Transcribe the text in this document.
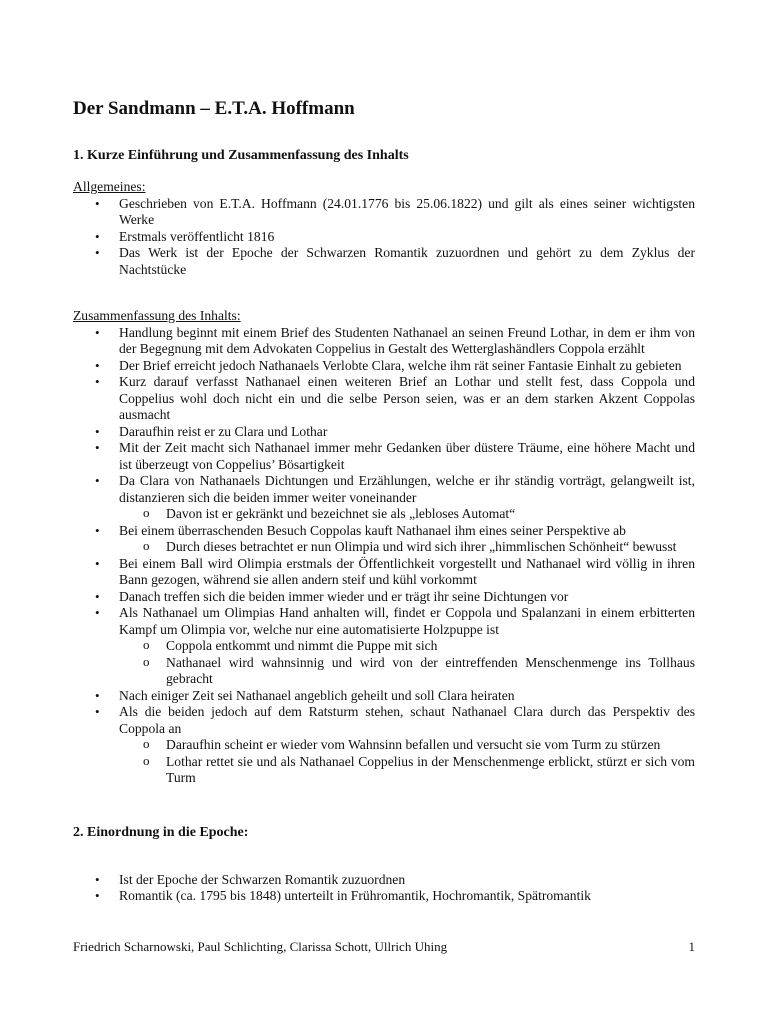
Der Sandmann – E.T.A. Hoffmann
1. Kurze Einführung und Zusammenfassung des Inhalts
Allgemeines:
• Geschrieben von E.T.A. Hoffmann (24.01.1776 bis 25.06.1822) und gilt als eines seiner wichtigsten Werke
• Erstmals veröffentlicht 1816
• Das Werk ist der Epoche der Schwarzen Romantik zuzuordnen und gehört zu dem Zyklus der Nachtstücke
Zusammenfassung des Inhalts:
• Handlung beginnt mit einem Brief des Studenten Nathanael an seinen Freund Lothar, in dem er ihm von der Begegnung mit dem Advokaten Coppelius in Gestalt des Wetterglashändlers Coppola erzählt
• Der Brief erreicht jedoch Nathanaels Verlobte Clara, welche ihm rät seiner Fantasie Einhalt zu gebieten
• Kurz darauf verfasst Nathanael einen weiteren Brief an Lothar und stellt fest, dass Coppola und Coppelius wohl doch nicht ein und die selbe Person seien, was er an dem starken Akzent Coppolas ausmacht
• Daraufhin reist er zu Clara und Lothar
• Mit der Zeit macht sich Nathanael immer mehr Gedanken über düstere Träume, eine höhere Macht und ist überzeugt von Coppelius’ Bösartigkeit
• Da Clara von Nathanaels Dichtungen und Erzählungen, welche er ihr ständig vorträgt, gelangweilt ist, distanzieren sich die beiden immer weiter voneinander
o Davon ist er gekränkt und bezeichnet sie als „lebloses Automat“
• Bei einem überraschenden Besuch Coppolas kauft Nathanael ihm eines seiner Perspektive ab
o Durch dieses betrachtet er nun Olimpia und wird sich ihrer „himmlischen Schönheit“ bewusst
• Bei einem Ball wird Olimpia erstmals der Öffentlichkeit vorgestellt und Nathanael wird völlig in ihren Bann gezogen, während sie allen andern steif und kühl vorkommt
• Danach treffen sich die beiden immer wieder und er trägt ihr seine Dichtungen vor
• Als Nathanael um Olimpias Hand anhalten will, findet er Coppola und Spalanzani in einem erbitterten Kampf um Olimpia vor, welche nur eine automatisierte Holzpuppe ist
o Coppola entkommt und nimmt die Puppe mit sich
o Nathanael wird wahnsinnig und wird von der eintreffenden Menschenmenge ins Tollhaus gebracht
• Nach einiger Zeit sei Nathanael angeblich geheilt und soll Clara heiraten
• Als die beiden jedoch auf dem Ratsturm stehen, schaut Nathanael Clara durch das Perspektiv des Coppola an
o Daraufhin scheint er wieder vom Wahnsinn befallen und versucht sie vom Turm zu stürzen
o Lothar rettet sie und als Nathanael Coppelius in der Menschenmenge erblickt, stürzt er sich vom Turm
2. Einordnung in die Epoche:
• Ist der Epoche der Schwarzen Romantik zuzuordnen
• Romantik (ca. 1795 bis 1848) unterteilt in Frühromantik, Hochromantik, Spätromantik
Friedrich Scharnowski, Paul Schlichting, Clarissa Schott, Ullrich Uhing	1
